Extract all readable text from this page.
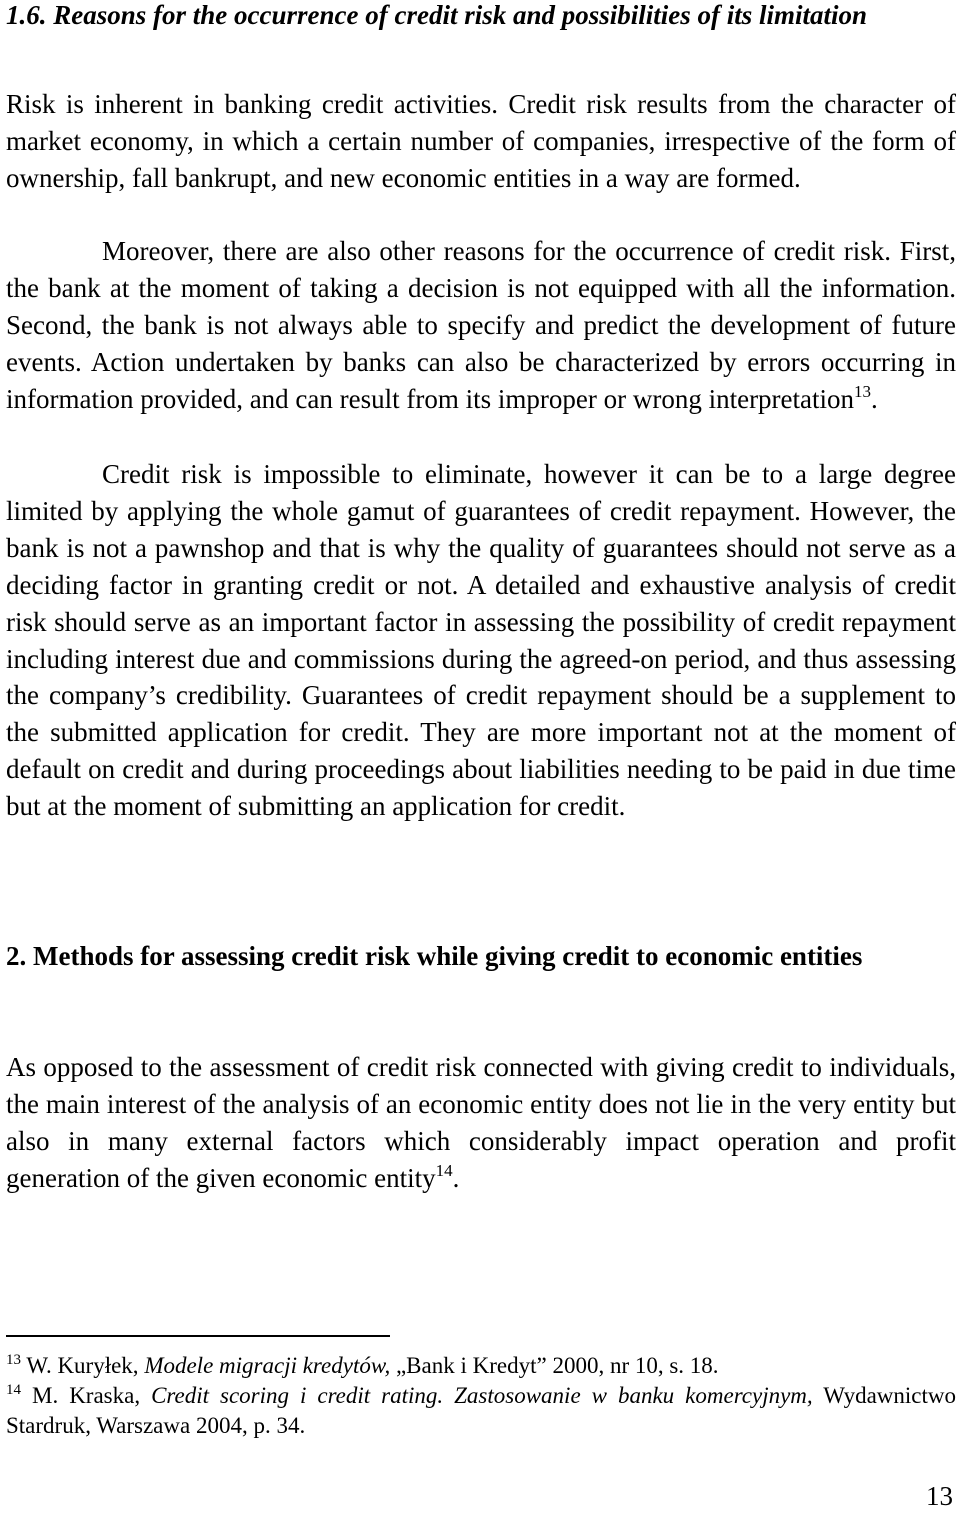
1.6. Reasons for the occurrence of credit risk and possibilities of its limitation

Risk is inherent in banking credit activities. Credit risk results from the character of market economy, in which a certain number of companies, irrespective of the form of ownership, fall bankrupt, and new economic entities in a way are formed.

Moreover, there are also other reasons for the occurrence of credit risk. First, the bank at the moment of taking a decision is not equipped with all the information. Second, the bank is not always able to specify and predict the development of future events. Action undertaken by banks can also be characterized by errors occurring in information provided, and can result from its improper or wrong interpretation$^{13}$.

Credit risk is impossible to eliminate, however it can be to a large degree limited by applying the whole gamut of guarantees of credit repayment. However, the bank is not a pawnshop and that is why the quality of guarantees should not serve as a deciding factor in granting credit or not. A detailed and exhaustive analysis of credit risk should serve as an important factor in assessing the possibility of credit repayment including interest due and commissions during the agreed-on period, and thus assessing the company’s credibility. Guarantees of credit repayment should be a supplement to the submitted application for credit. They are more important not at the moment of default on credit and during proceedings about liabilities needing to be paid in due time but at the moment of submitting an application for credit.

2. Methods for assessing credit risk while giving credit to economic entities

As opposed to the assessment of credit risk connected with giving credit to individuals, the main interest of the analysis of an economic entity does not lie in the very entity but also in many external factors which considerably impact operation and profit generation of the given economic entity$^{14}$.

$^{13}$ W. Kuryłek, Modele migracji kredytów, „Bank i Kredyt” 2000, nr 10, s. 18.

$^{14}$ M. Kraska, Credit scoring i credit rating. Zastosowanie w banku komercyjnym, Wydawnictwo Stardruk, Warszawa 2004, p. 34.

13
